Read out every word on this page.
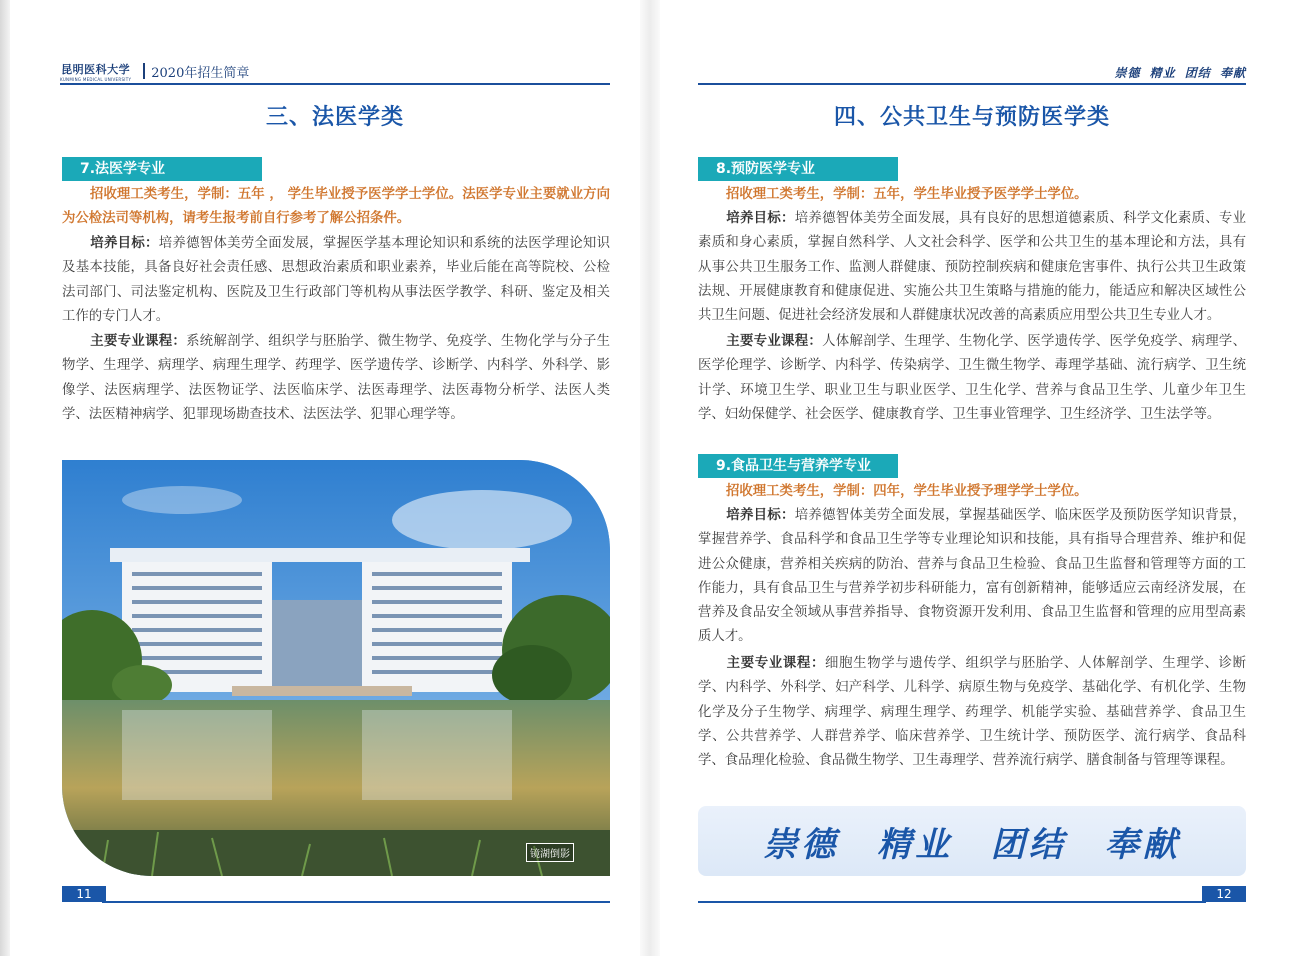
昆明医科大学
KUNMING MEDICAL UNIVERSITY 2020年招生简章
三、法医学类
7.法医学专业

招收理工类考生，学制：五年 ， 学生毕业授予医学学士学位。法医学专业主要就业方向为公检法司等机构，请考生报考前自行参考了解公招条件。

培养目标：培养德智体美劳全面发展，掌握医学基本理论知识和系统的法医学理论知识及基本技能，具备良好社会责任感、思想政治素质和职业素养，毕业后能在高等院校、公检法司部门、司法鉴定机构、医院及卫生行政部门等机构从事法医学教学、科研、鉴定及相关工作的专门人才。

主要专业课程：系统解剖学、组织学与胚胎学、微生物学、免疫学、生物化学与分子生物学、生理学、病理学、病理生理学、药理学、医学遗传学、诊断学、内科学、外科学、影像学、法医病理学、法医物证学、法医临床学、法医毒理学、法医毒物分析学、法医人类学、法医精神病学、犯罪现场勘查技术、法医法学、犯罪心理学等。

镜湖倒影
11
崇德 精业 团结 奉献
四、公共卫生与预防医学类
8.预防医学专业

招收理工类考生，学制：五年，学生毕业授予医学学士学位。

培养目标：培养德智体美劳全面发展，具有良好的思想道德素质、科学文化素质、专业素质和身心素质，掌握自然科学、人文社会科学、医学和公共卫生的基本理论和方法，具有从事公共卫生服务工作、监测人群健康、预防控制疾病和健康危害事件、执行公共卫生政策法规、开展健康教育和健康促进、实施公共卫生策略与措施的能力，能适应和解决区域性公共卫生问题、促进社会经济发展和人群健康状况改善的高素质应用型公共卫生专业人才。

主要专业课程：人体解剖学、生理学、生物化学、医学遗传学、医学免疫学、病理学、医学伦理学、诊断学、内科学、传染病学、卫生微生物学、毒理学基础、流行病学、卫生统计学、环境卫生学、职业卫生与职业医学、卫生化学、营养与食品卫生学、儿童少年卫生学、妇幼保健学、社会医学、健康教育学、卫生事业管理学、卫生经济学、卫生法学等。

9.食品卫生与营养学专业

招收理工类考生，学制：四年，学生毕业授予理学学士学位。

培养目标：培养德智体美劳全面发展，掌握基础医学、临床医学及预防医学知识背景，掌握营养学、食品科学和食品卫生学等专业理论知识和技能，具有指导合理营养、维护和促进公众健康，营养相关疾病的防治、营养与食品卫生检验、食品卫生监督和管理等方面的工作能力，具有食品卫生与营养学初步科研能力，富有创新精神，能够适应云南经济发展，在营养及食品安全领域从事营养指导、食物资源开发利用、食品卫生监督和管理的应用型高素质人才。

主要专业课程：细胞生物学与遗传学、组织学与胚胎学、人体解剖学、生理学、诊断学、内科学、外科学、妇产科学、儿科学、病原生物与免疫学、基础化学、有机化学、生物化学及分子生物学、病理学、病理生理学、药理学、机能学实验、基础营养学、食品卫生学、公共营养学、人群营养学、临床营养学、卫生统计学、预防医学、流行病学、食品科学、食品理化检验、食品微生物学、卫生毒理学、营养流行病学、膳食制备与管理等课程。

崇德 精业 团结 奉献
12
